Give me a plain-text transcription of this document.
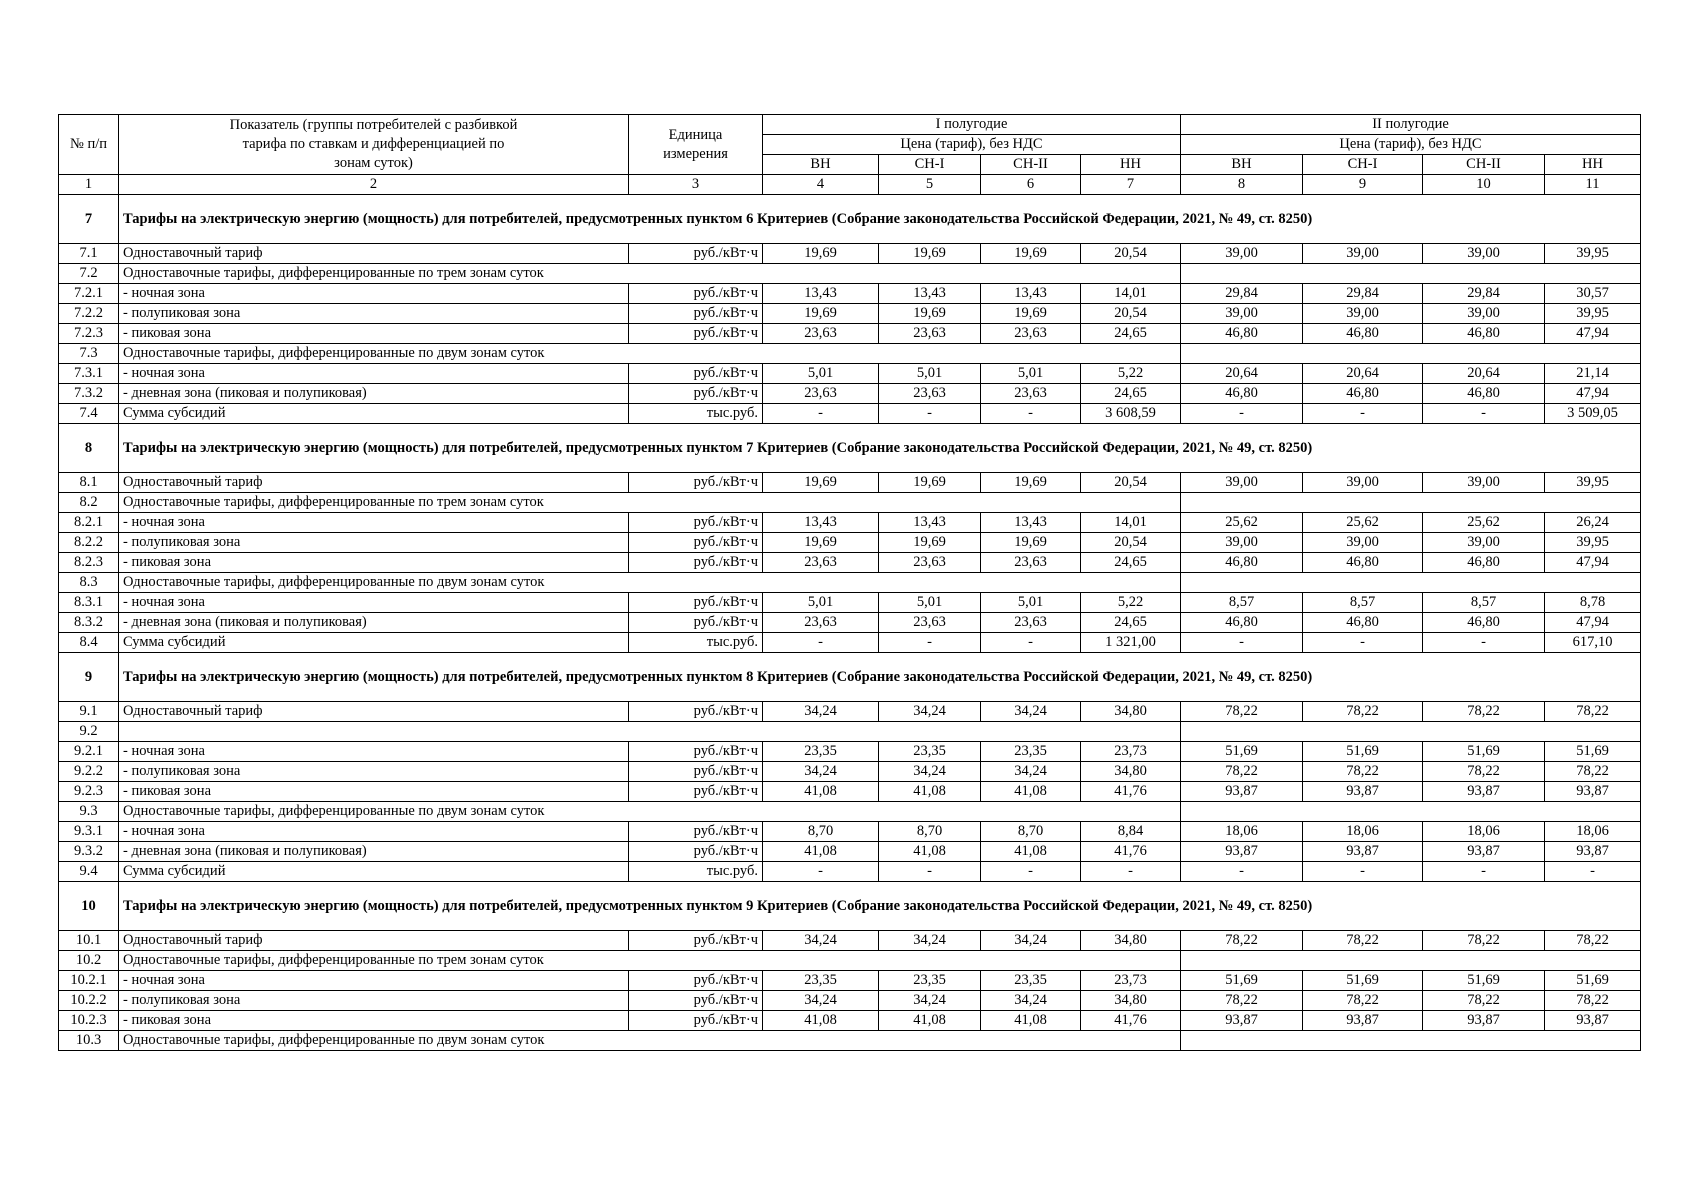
№ п/п	Показатель (группы потребителей с разбивкой тарифа по ставкам и дифференциацией по зонам суток)	Единица измерения	I полугодие				II полугодие			
			Цена (тариф), без НДС				Цена (тариф), без НДС			
			ВН	СН-I	СН-II	НН	ВН	СН-I	СН-II	НН
1	2	3	4	5	6	7	8	9	10	11
7	Тарифы на электрическую энергию (мощность) для потребителей, предусмотренных пунктом 6 Критериев (Собрание законодательства Российской Федерации, 2021, № 49, ст. 8250)									
7.1	Одноставочный тариф	руб./кВт·ч	19,69	19,69	19,69	20,54	39,00	39,00	39,00	39,95
7.2	Одноставочные тарифы, дифференцированные по трем зонам суток									
7.2.1	- ночная зона	руб./кВт·ч	13,43	13,43	13,43	14,01	29,84	29,84	29,84	30,57
7.2.2	- полупиковая зона	руб./кВт·ч	19,69	19,69	19,69	20,54	39,00	39,00	39,00	39,95
7.2.3	- пиковая зона	руб./кВт·ч	23,63	23,63	23,63	24,65	46,80	46,80	46,80	47,94
7.3	Одноставочные тарифы, дифференцированные по двум зонам суток									
7.3.1	- ночная зона	руб./кВт·ч	5,01	5,01	5,01	5,22	20,64	20,64	20,64	21,14
7.3.2	- дневная зона (пиковая и полупиковая)	руб./кВт·ч	23,63	23,63	23,63	24,65	46,80	46,80	46,80	47,94
7.4	Сумма субсидий	тыс.руб.	-	-	-	3 608,59	-	-	-	3 509,05
8	Тарифы на электрическую энергию (мощность) для потребителей, предусмотренных пунктом 7 Критериев (Собрание законодательства Российской Федерации, 2021, № 49, ст. 8250)									
8.1	Одноставочный тариф	руб./кВт·ч	19,69	19,69	19,69	20,54	39,00	39,00	39,00	39,95
8.2	Одноставочные тарифы, дифференцированные по трем зонам суток									
8.2.1	- ночная зона	руб./кВт·ч	13,43	13,43	13,43	14,01	25,62	25,62	25,62	26,24
8.2.2	- полупиковая зона	руб./кВт·ч	19,69	19,69	19,69	20,54	39,00	39,00	39,00	39,95
8.2.3	- пиковая зона	руб./кВт·ч	23,63	23,63	23,63	24,65	46,80	46,80	46,80	47,94
8.3	Одноставочные тарифы, дифференцированные по двум зонам суток									
8.3.1	- ночная зона	руб./кВт·ч	5,01	5,01	5,01	5,22	8,57	8,57	8,57	8,78
8.3.2	- дневная зона (пиковая и полупиковая)	руб./кВт·ч	23,63	23,63	23,63	24,65	46,80	46,80	46,80	47,94
8.4	Сумма субсидий	тыс.руб.	-	-	-	1 321,00	-	-	-	617,10
9	Тарифы на электрическую энергию (мощность) для потребителей, предусмотренных пунктом 8 Критериев (Собрание законодательства Российской Федерации, 2021, № 49, ст. 8250)									
9.1	Одноставочный тариф	руб./кВт·ч	34,24	34,24	34,24	34,80	78,22	78,22	78,22	78,22
9.2										
9.2.1	- ночная зона	руб./кВт·ч	23,35	23,35	23,35	23,73	51,69	51,69	51,69	51,69
9.2.2	- полупиковая зона	руб./кВт·ч	34,24	34,24	34,24	34,80	78,22	78,22	78,22	78,22
9.2.3	- пиковая зона	руб./кВт·ч	41,08	41,08	41,08	41,76	93,87	93,87	93,87	93,87
9.3	Одноставочные тарифы, дифференцированные по двум зонам суток									
9.3.1	- ночная зона	руб./кВт·ч	8,70	8,70	8,70	8,84	18,06	18,06	18,06	18,06
9.3.2	- дневная зона (пиковая и полупиковая)	руб./кВт·ч	41,08	41,08	41,08	41,76	93,87	93,87	93,87	93,87
9.4	Сумма субсидий	тыс.руб.	-	-	-	-	-	-	-	-
10	Тарифы на электрическую энергию (мощность) для потребителей, предусмотренных пунктом 9 Критериев (Собрание законодательства Российской Федерации, 2021, № 49, ст. 8250)									
10.1	Одноставочный тариф	руб./кВт·ч	34,24	34,24	34,24	34,80	78,22	78,22	78,22	78,22
10.2	Одноставочные тарифы, дифференцированные по трем зонам суток									
10.2.1	- ночная зона	руб./кВт·ч	23,35	23,35	23,35	23,73	51,69	51,69	51,69	51,69
10.2.2	- полупиковая зона	руб./кВт·ч	34,24	34,24	34,24	34,80	78,22	78,22	78,22	78,22
10.2.3	- пиковая зона	руб./кВт·ч	41,08	41,08	41,08	41,76	93,87	93,87	93,87	93,87
10.3	Одноставочные тарифы, дифференцированные по двум зонам суток									
